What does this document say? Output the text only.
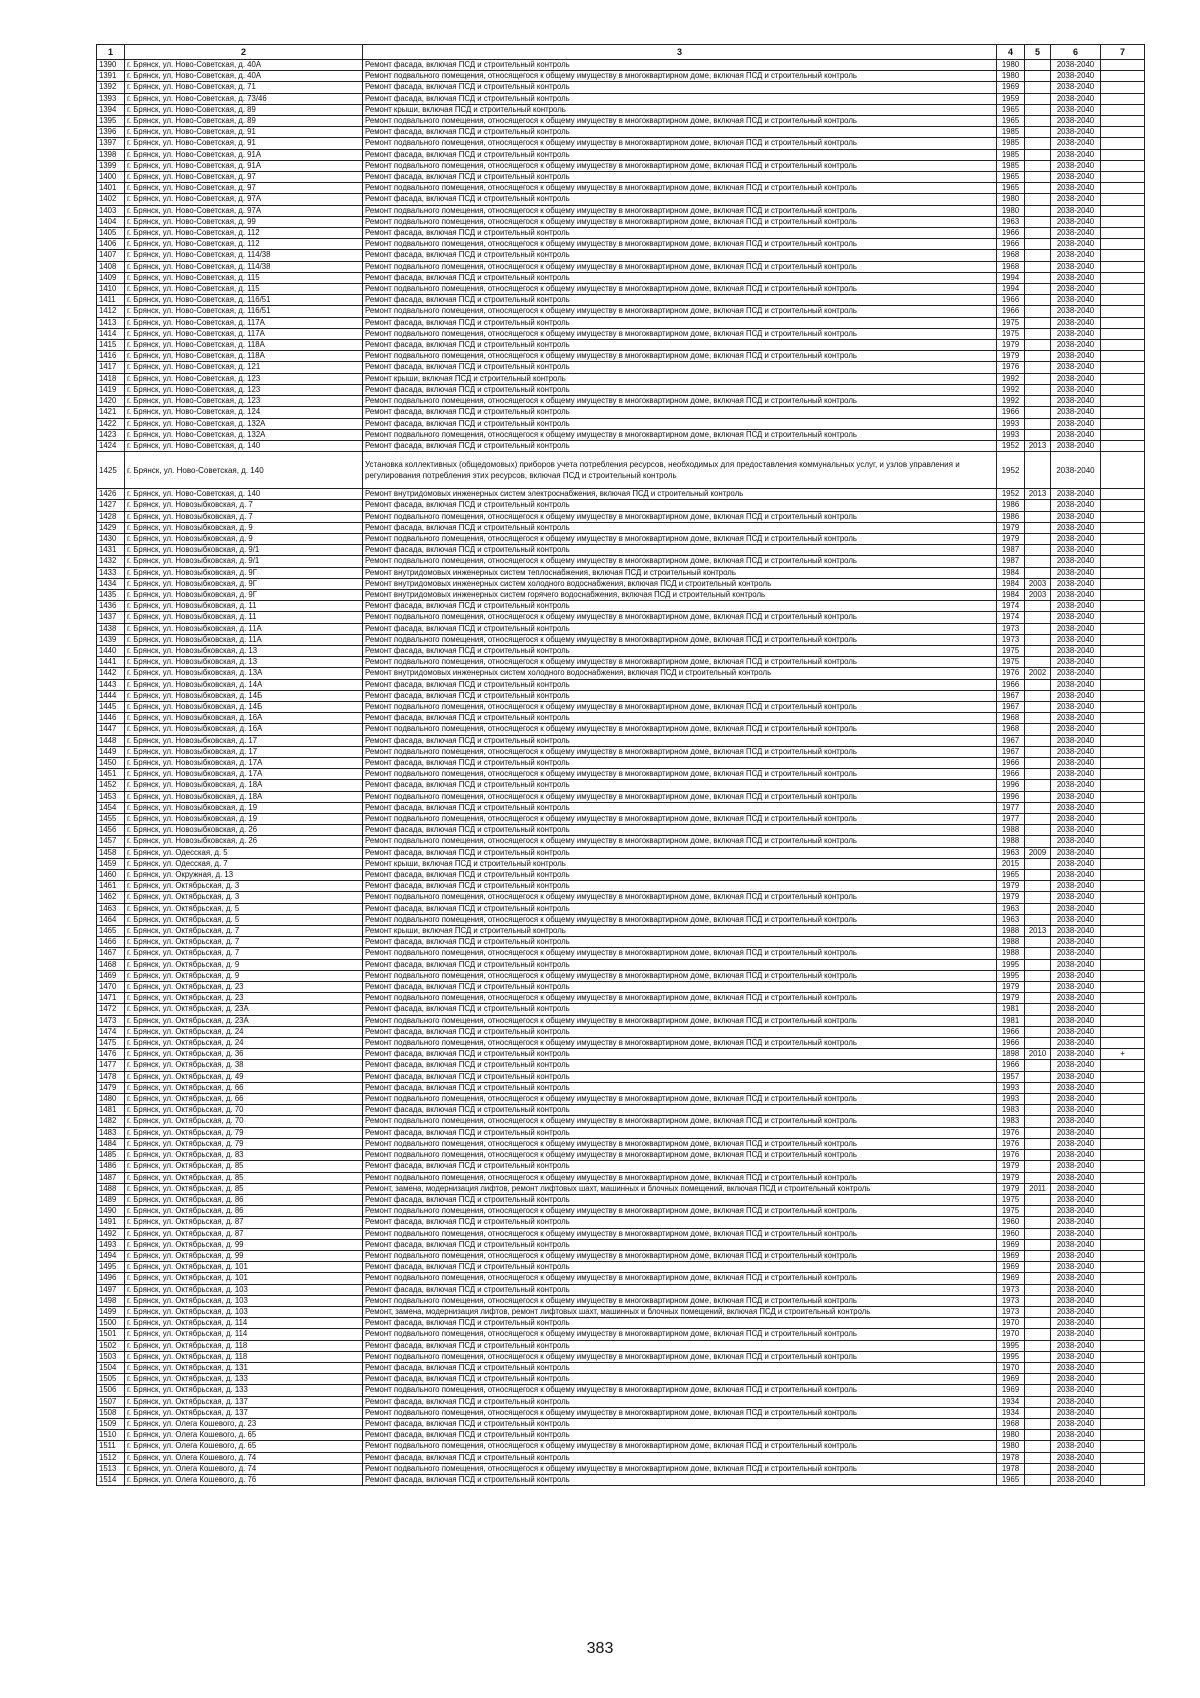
1	2	3	4	5	6	7
1390	г. Брянск, ул. Ново-Советская, д. 40А	Ремонт фасада, включая ПСД и строительный контроль	1980		2038-2040	
1391	г. Брянск, ул. Ново-Советская, д. 40А	Ремонт подвального помещения, относящегося к общему имуществу в многоквартирном доме, включая ПСД и строительный контроль	1980		2038-2040	
1392	г. Брянск, ул. Ново-Советская, д. 71	Ремонт фасада, включая ПСД и строительный контроль	1969		2038-2040	
1393	г. Брянск, ул. Ново-Советская, д. 73/46	Ремонт фасада, включая ПСД и строительный контроль	1959		2038-2040	
1394	г. Брянск, ул. Ново-Советская, д. 89	Ремонт крыши, включая ПСД и строительный контроль	1965		2038-2040	
1395	г. Брянск, ул. Ново-Советская, д. 89	Ремонт подвального помещения, относящегося к общему имуществу в многоквартирном доме, включая ПСД и строительный контроль	1965		2038-2040	
1396	г. Брянск, ул. Ново-Советская, д. 91	Ремонт фасада, включая ПСД и строительный контроль	1985		2038-2040	
1397	г. Брянск, ул. Ново-Советская, д. 91	Ремонт подвального помещения, относящегося к общему имуществу в многоквартирном доме, включая ПСД и строительный контроль	1985		2038-2040	
1398	г. Брянск, ул. Ново-Советская, д. 91А	Ремонт фасада, включая ПСД и строительный контроль	1985		2038-2040	
1399	г. Брянск, ул. Ново-Советская, д. 91А	Ремонт подвального помещения, относящегося к общему имуществу в многоквартирном доме, включая ПСД и строительный контроль	1985		2038-2040	
1400	г. Брянск, ул. Ново-Советская, д. 97	Ремонт фасада, включая ПСД и строительный контроль	1965		2038-2040	
1401	г. Брянск, ул. Ново-Советская, д. 97	Ремонт подвального помещения, относящегося к общему имуществу в многоквартирном доме, включая ПСД и строительный контроль	1965		2038-2040	
1402	г. Брянск, ул. Ново-Советская, д. 97А	Ремонт фасада, включая ПСД и строительный контроль	1980		2038-2040	
1403	г. Брянск, ул. Ново-Советская, д. 97А	Ремонт подвального помещения, относящегося к общему имуществу в многоквартирном доме, включая ПСД и строительный контроль	1980		2038-2040	
1404	г. Брянск, ул. Ново-Советская, д. 99	Ремонт подвального помещения, относящегося к общему имуществу в многоквартирном доме, включая ПСД и строительный контроль	1963		2038-2040	
1405	г. Брянск, ул. Ново-Советская, д. 112	Ремонт фасада, включая ПСД и строительный контроль	1966		2038-2040	
1406	г. Брянск, ул. Ново-Советская, д. 112	Ремонт подвального помещения, относящегося к общему имуществу в многоквартирном доме, включая ПСД и строительный контроль	1966		2038-2040	
1407	г. Брянск, ул. Ново-Советская, д. 114/38	Ремонт фасада, включая ПСД и строительный контроль	1968		2038-2040	
1408	г. Брянск, ул. Ново-Советская, д. 114/38	Ремонт подвального помещения, относящегося к общему имуществу в многоквартирном доме, включая ПСД и строительный контроль	1968		2038-2040	
1409	г. Брянск, ул. Ново-Советская, д. 115	Ремонт фасада, включая ПСД и строительный контроль	1994		2038-2040	
1410	г. Брянск, ул. Ново-Советская, д. 115	Ремонт подвального помещения, относящегося к общему имуществу в многоквартирном доме, включая ПСД и строительный контроль	1994		2038-2040	
1411	г. Брянск, ул. Ново-Советская, д. 116/51	Ремонт фасада, включая ПСД и строительный контроль	1966		2038-2040	
1412	г. Брянск, ул. Ново-Советская, д. 116/51	Ремонт подвального помещения, относящегося к общему имуществу в многоквартирном доме, включая ПСД и строительный контроль	1966		2038-2040	
1413	г. Брянск, ул. Ново-Советская, д. 117А	Ремонт фасада, включая ПСД и строительный контроль	1975		2038-2040	
1414	г. Брянск, ул. Ново-Советская, д. 117А	Ремонт подвального помещения, относящегося к общему имуществу в многоквартирном доме, включая ПСД и строительный контроль	1975		2038-2040	
1415	г. Брянск, ул. Ново-Советская, д. 118А	Ремонт фасада, включая ПСД и строительный контроль	1979		2038-2040	
1416	г. Брянск, ул. Ново-Советская, д. 118А	Ремонт подвального помещения, относящегося к общему имуществу в многоквартирном доме, включая ПСД и строительный контроль	1979		2038-2040	
1417	г. Брянск, ул. Ново-Советская, д. 121	Ремонт фасада, включая ПСД и строительный контроль	1976		2038-2040	
1418	г. Брянск, ул. Ново-Советская, д. 123	Ремонт крыши, включая ПСД и строительный контроль	1992		2038-2040	
1419	г. Брянск, ул. Ново-Советская, д. 123	Ремонт фасада, включая ПСД и строительный контроль	1992		2038-2040	
1420	г. Брянск, ул. Ново-Советская, д. 123	Ремонт подвального помещения, относящегося к общему имуществу в многоквартирном доме, включая ПСД и строительный контроль	1992		2038-2040	
1421	г. Брянск, ул. Ново-Советская, д. 124	Ремонт фасада, включая ПСД и строительный контроль	1966		2038-2040	
1422	г. Брянск, ул. Ново-Советская, д. 132А	Ремонт фасада, включая ПСД и строительный контроль	1993		2038-2040	
1423	г. Брянск, ул. Ново-Советская, д. 132А	Ремонт подвального помещения, относящегося к общему имуществу в многоквартирном доме, включая ПСД и строительный контроль	1993		2038-2040	
1424	г. Брянск, ул. Ново-Советская, д. 140	Ремонт фасада, включая ПСД и строительный контроль	1952	2013	2038-2040	
1425	г. Брянск, ул. Ново-Советская, д. 140	Установка коллективных (общедомовых) приборов учета потребления ресурсов, необходимых для предоставления коммунальных услуг, и узлов управления и регулирования потребления этих ресурсов, включая ПСД и строительный контроль	1952		2038-2040	
1426	г. Брянск, ул. Ново-Советская, д. 140	Ремонт внутридомовых инженерных систем электроснабжения, включая ПСД и строительный контроль	1952	2013	2038-2040	
1427	г. Брянск, ул. Новозыбковская, д. 7	Ремонт фасада, включая ПСД и строительный контроль	1986		2038-2040	
1428	г. Брянск, ул. Новозыбковская, д. 7	Ремонт подвального помещения, относящегося к общему имуществу в многоквартирном доме, включая ПСД и строительный контроль	1986		2038-2040	
1429	г. Брянск, ул. Новозыбковская, д. 9	Ремонт фасада, включая ПСД и строительный контроль	1979		2038-2040	
1430	г. Брянск, ул. Новозыбковская, д. 9	Ремонт подвального помещения, относящегося к общему имуществу в многоквартирном доме, включая ПСД и строительный контроль	1979		2038-2040	
1431	г. Брянск, ул. Новозыбковская, д. 9/1	Ремонт фасада, включая ПСД и строительный контроль	1987		2038-2040	
1432	г. Брянск, ул. Новозыбковская, д. 9/1	Ремонт подвального помещения, относящегося к общему имуществу в многоквартирном доме, включая ПСД и строительный контроль	1987		2038-2040	
1433	г. Брянск, ул. Новозыбковская, д. 9Г	Ремонт внутридомовых инженерных систем теплоснабжения, включая ПСД и строительный контроль	1984		2038-2040	
1434	г. Брянск, ул. Новозыбковская, д. 9Г	Ремонт внутридомовых инженерных систем холодного водоснабжения, включая ПСД и строительный контроль	1984	2003	2038-2040	
1435	г. Брянск, ул. Новозыбковская, д. 9Г	Ремонт внутридомовых инженерных систем горячего водоснабжения, включая ПСД и строительный контроль	1984	2003	2038-2040	
1436	г. Брянск, ул. Новозыбковская, д. 11	Ремонт фасада, включая ПСД и строительный контроль	1974		2038-2040	
1437	г. Брянск, ул. Новозыбковская, д. 11	Ремонт подвального помещения, относящегося к общему имуществу в многоквартирном доме, включая ПСД и строительный контроль	1974		2038-2040	
1438	г. Брянск, ул. Новозыбковская, д. 11А	Ремонт фасада, включая ПСД и строительный контроль	1973		2038-2040	
1439	г. Брянск, ул. Новозыбковская, д. 11А	Ремонт подвального помещения, относящегося к общему имуществу в многоквартирном доме, включая ПСД и строительный контроль	1973		2038-2040	
1440	г. Брянск, ул. Новозыбковская, д. 13	Ремонт фасада, включая ПСД и строительный контроль	1975		2038-2040	
1441	г. Брянск, ул. Новозыбковская, д. 13	Ремонт подвального помещения, относящегося к общему имуществу в многоквартирном доме, включая ПСД и строительный контроль	1975		2038-2040	
1442	г. Брянск, ул. Новозыбковская, д. 13А	Ремонт внутридомовых инженерных систем холодного водоснабжения, включая ПСД и строительный контроль	1976	2002	2038-2040	
1443	г. Брянск, ул. Новозыбковская, д. 14А	Ремонт фасада, включая ПСД и строительный контроль	1966		2038-2040	
1444	г. Брянск, ул. Новозыбковская, д. 14Б	Ремонт фасада, включая ПСД и строительный контроль	1967		2038-2040	
1445	г. Брянск, ул. Новозыбковская, д. 14Б	Ремонт подвального помещения, относящегося к общему имуществу в многоквартирном доме, включая ПСД и строительный контроль	1967		2038-2040	
1446	г. Брянск, ул. Новозыбковская, д. 16А	Ремонт фасада, включая ПСД и строительный контроль	1968		2038-2040	
1447	г. Брянск, ул. Новозыбковская, д. 16А	Ремонт подвального помещения, относящегося к общему имуществу в многоквартирном доме, включая ПСД и строительный контроль	1968		2038-2040	
1448	г. Брянск, ул. Новозыбковская, д. 17	Ремонт фасада, включая ПСД и строительный контроль	1967		2038-2040	
1449	г. Брянск, ул. Новозыбковская, д. 17	Ремонт подвального помещения, относящегося к общему имуществу в многоквартирном доме, включая ПСД и строительный контроль	1967		2038-2040	
1450	г. Брянск, ул. Новозыбковская, д. 17А	Ремонт фасада, включая ПСД и строительный контроль	1966		2038-2040	
1451	г. Брянск, ул. Новозыбковская, д. 17А	Ремонт подвального помещения, относящегося к общему имуществу в многоквартирном доме, включая ПСД и строительный контроль	1966		2038-2040	
1452	г. Брянск, ул. Новозыбковская, д. 18А	Ремонт фасада, включая ПСД и строительный контроль	1996		2038-2040	
1453	г. Брянск, ул. Новозыбковская, д. 18А	Ремонт подвального помещения, относящегося к общему имуществу в многоквартирном доме, включая ПСД и строительный контроль	1996		2038-2040	
1454	г. Брянск, ул. Новозыбковская, д. 19	Ремонт фасада, включая ПСД и строительный контроль	1977		2038-2040	
1455	г. Брянск, ул. Новозыбковская, д. 19	Ремонт подвального помещения, относящегося к общему имуществу в многоквартирном доме, включая ПСД и строительный контроль	1977		2038-2040	
1456	г. Брянск, ул. Новозыбковская, д. 26	Ремонт фасада, включая ПСД и строительный контроль	1988		2038-2040	
1457	г. Брянск, ул. Новозыбковская, д. 26	Ремонт подвального помещения, относящегося к общему имуществу в многоквартирном доме, включая ПСД и строительный контроль	1988		2038-2040	
1458	г. Брянск, ул. Одесская, д. 5	Ремонт фасада, включая ПСД и строительный контроль	1963	2009	2038-2040	
1459	г. Брянск, ул. Одесская, д. 7	Ремонт крыши, включая ПСД и строительный контроль	2015		2038-2040	
1460	г. Брянск, ул. Окружная, д. 13	Ремонт фасада, включая ПСД и строительный контроль	1965		2038-2040	
1461	г. Брянск, ул. Октябрьская, д. 3	Ремонт фасада, включая ПСД и строительный контроль	1979		2038-2040	
1462	г. Брянск, ул. Октябрьская, д. 3	Ремонт подвального помещения, относящегося к общему имуществу в многоквартирном доме, включая ПСД и строительный контроль	1979		2038-2040	
1463	г. Брянск, ул. Октябрьская, д. 5	Ремонт фасада, включая ПСД и строительный контроль	1963		2038-2040	
1464	г. Брянск, ул. Октябрьская, д. 5	Ремонт подвального помещения, относящегося к общему имуществу в многоквартирном доме, включая ПСД и строительный контроль	1963		2038-2040	
1465	г. Брянск, ул. Октябрьская, д. 7	Ремонт крыши, включая ПСД и строительный контроль	1988	2013	2038-2040	
1466	г. Брянск, ул. Октябрьская, д. 7	Ремонт фасада, включая ПСД и строительный контроль	1988		2038-2040	
1467	г. Брянск, ул. Октябрьская, д. 7	Ремонт подвального помещения, относящегося к общему имуществу в многоквартирном доме, включая ПСД и строительный контроль	1988		2038-2040	
1468	г. Брянск, ул. Октябрьская, д. 9	Ремонт фасада, включая ПСД и строительный контроль	1995		2038-2040	
1469	г. Брянск, ул. Октябрьская, д. 9	Ремонт подвального помещения, относящегося к общему имуществу в многоквартирном доме, включая ПСД и строительный контроль	1995		2038-2040	
1470	г. Брянск, ул. Октябрьская, д. 23	Ремонт фасада, включая ПСД и строительный контроль	1979		2038-2040	
1471	г. Брянск, ул. Октябрьская, д. 23	Ремонт подвального помещения, относящегося к общему имуществу в многоквартирном доме, включая ПСД и строительный контроль	1979		2038-2040	
1472	г. Брянск, ул. Октябрьская, д. 23А	Ремонт фасада, включая ПСД и строительный контроль	1981		2038-2040	
1473	г. Брянск, ул. Октябрьская, д. 23А	Ремонт подвального помещения, относящегося к общему имуществу в многоквартирном доме, включая ПСД и строительный контроль	1981		2038-2040	
1474	г. Брянск, ул. Октябрьская, д. 24	Ремонт фасада, включая ПСД и строительный контроль	1966		2038-2040	
1475	г. Брянск, ул. Октябрьская, д. 24	Ремонт подвального помещения, относящегося к общему имуществу в многоквартирном доме, включая ПСД и строительный контроль	1966		2038-2040	
1476	г. Брянск, ул. Октябрьская, д. 36	Ремонт фасада, включая ПСД и строительный контроль	1898	2010	2038-2040	+
1477	г. Брянск, ул. Октябрьская, д. 38	Ремонт фасада, включая ПСД и строительный контроль	1966		2038-2040	
1478	г. Брянск, ул. Октябрьская, д. 49	Ремонт фасада, включая ПСД и строительный контроль	1957		2038-2040	
1479	г. Брянск, ул. Октябрьская, д. 66	Ремонт фасада, включая ПСД и строительный контроль	1993		2038-2040	
1480	г. Брянск, ул. Октябрьская, д. 66	Ремонт подвального помещения, относящегося к общему имуществу в многоквартирном доме, включая ПСД и строительный контроль	1993		2038-2040	
1481	г. Брянск, ул. Октябрьская, д. 70	Ремонт фасада, включая ПСД и строительный контроль	1983		2038-2040	
1482	г. Брянск, ул. Октябрьская, д. 70	Ремонт подвального помещения, относящегося к общему имуществу в многоквартирном доме, включая ПСД и строительный контроль	1983		2038-2040	
1483	г. Брянск, ул. Октябрьская, д. 79	Ремонт фасада, включая ПСД и строительный контроль	1976		2038-2040	
1484	г. Брянск, ул. Октябрьская, д. 79	Ремонт подвального помещения, относящегося к общему имуществу в многоквартирном доме, включая ПСД и строительный контроль	1976		2038-2040	
1485	г. Брянск, ул. Октябрьская, д. 83	Ремонт подвального помещения, относящегося к общему имуществу в многоквартирном доме, включая ПСД и строительный контроль	1976		2038-2040	
1486	г. Брянск, ул. Октябрьская, д. 85	Ремонт фасада, включая ПСД и строительный контроль	1979		2038-2040	
1487	г. Брянск, ул. Октябрьская, д. 85	Ремонт подвального помещения, относящегося к общему имуществу в многоквартирном доме, включая ПСД и строительный контроль	1979		2038-2040	
1488	г. Брянск, ул. Октябрьская, д. 85	Ремонт, замена, модернизация лифтов, ремонт лифтовых шахт, машинных и блочных помещений, включая ПСД и строительный контроль	1979	2011	2038-2040	
1489	г. Брянск, ул. Октябрьская, д. 86	Ремонт фасада, включая ПСД и строительный контроль	1975		2038-2040	
1490	г. Брянск, ул. Октябрьская, д. 86	Ремонт подвального помещения, относящегося к общему имуществу в многоквартирном доме, включая ПСД и строительный контроль	1975		2038-2040	
1491	г. Брянск, ул. Октябрьская, д. 87	Ремонт фасада, включая ПСД и строительный контроль	1960		2038-2040	
1492	г. Брянск, ул. Октябрьская, д. 87	Ремонт подвального помещения, относящегося к общему имуществу в многоквартирном доме, включая ПСД и строительный контроль	1960		2038-2040	
1493	г. Брянск, ул. Октябрьская, д. 99	Ремонт фасада, включая ПСД и строительный контроль	1969		2038-2040	
1494	г. Брянск, ул. Октябрьская, д. 99	Ремонт подвального помещения, относящегося к общему имуществу в многоквартирном доме, включая ПСД и строительный контроль	1969		2038-2040	
1495	г. Брянск, ул. Октябрьская, д. 101	Ремонт фасада, включая ПСД и строительный контроль	1969		2038-2040	
1496	г. Брянск, ул. Октябрьская, д. 101	Ремонт подвального помещения, относящегося к общему имуществу в многоквартирном доме, включая ПСД и строительный контроль	1969		2038-2040	
1497	г. Брянск, ул. Октябрьская, д. 103	Ремонт фасада, включая ПСД и строительный контроль	1973		2038-2040	
1498	г. Брянск, ул. Октябрьская, д. 103	Ремонт подвального помещения, относящегося к общему имуществу в многоквартирном доме, включая ПСД и строительный контроль	1973		2038-2040	
1499	г. Брянск, ул. Октябрьская, д. 103	Ремонт, замена, модернизация лифтов, ремонт лифтовых шахт, машинных и блочных помещений, включая ПСД и строительный контроль	1973		2038-2040	
1500	г. Брянск, ул. Октябрьская, д. 114	Ремонт фасада, включая ПСД и строительный контроль	1970		2038-2040	
1501	г. Брянск, ул. Октябрьская, д. 114	Ремонт подвального помещения, относящегося к общему имуществу в многоквартирном доме, включая ПСД и строительный контроль	1970		2038-2040	
1502	г. Брянск, ул. Октябрьская, д. 118	Ремонт фасада, включая ПСД и строительный контроль	1995		2038-2040	
1503	г. Брянск, ул. Октябрьская, д. 118	Ремонт подвального помещения, относящегося к общему имуществу в многоквартирном доме, включая ПСД и строительный контроль	1995		2038-2040	
1504	г. Брянск, ул. Октябрьская, д. 131	Ремонт фасада, включая ПСД и строительный контроль	1970		2038-2040	
1505	г. Брянск, ул. Октябрьская, д. 133	Ремонт фасада, включая ПСД и строительный контроль	1969		2038-2040	
1506	г. Брянск, ул. Октябрьская, д. 133	Ремонт подвального помещения, относящегося к общему имуществу в многоквартирном доме, включая ПСД и строительный контроль	1969		2038-2040	
1507	г. Брянск, ул. Октябрьская, д. 137	Ремонт фасада, включая ПСД и строительный контроль	1934		2038-2040	
1508	г. Брянск, ул. Октябрьская, д. 137	Ремонт подвального помещения, относящегося к общему имуществу в многоквартирном доме, включая ПСД и строительный контроль	1934		2038-2040	
1509	г. Брянск, ул. Олега Кошевого, д. 23	Ремонт фасада, включая ПСД и строительный контроль	1968		2038-2040	
1510	г. Брянск, ул. Олега Кошевого, д. 65	Ремонт фасада, включая ПСД и строительный контроль	1980		2038-2040	
1511	г. Брянск, ул. Олега Кошевого, д. 65	Ремонт подвального помещения, относящегося к общему имуществу в многоквартирном доме, включая ПСД и строительный контроль	1980		2038-2040	
1512	г. Брянск, ул. Олега Кошевого, д. 74	Ремонт фасада, включая ПСД и строительный контроль	1978		2038-2040	
1513	г. Брянск, ул. Олега Кошевого, д. 74	Ремонт подвального помещения, относящегося к общему имуществу в многоквартирном доме, включая ПСД и строительный контроль	1978		2038-2040	
1514	г. Брянск, ул. Олега Кошевого, д. 76	Ремонт фасада, включая ПСД и строительный контроль	1965		2038-2040	
383
